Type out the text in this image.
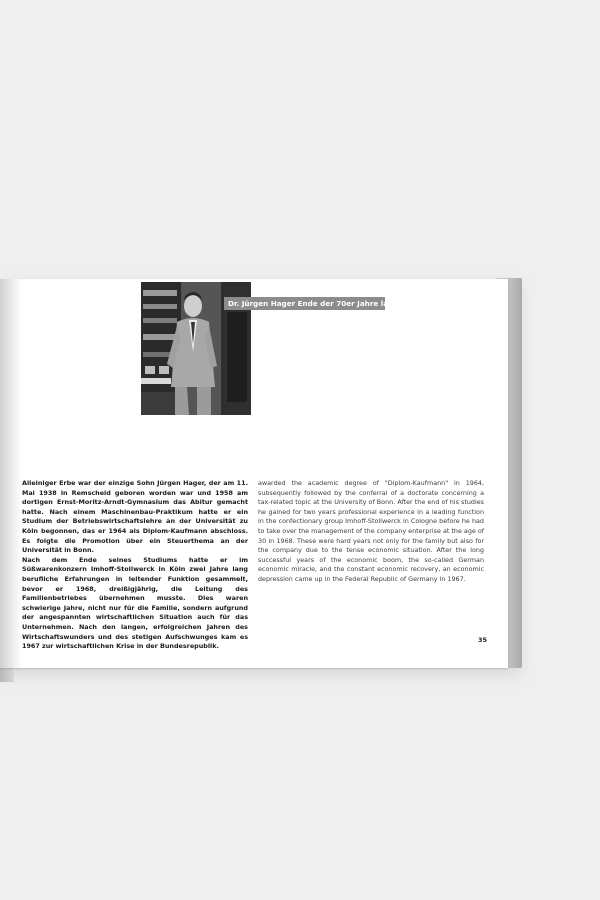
Dr. Jürgen Hager Ende der 70er Jahre late 70th

Alleiniger Erbe war der einzige Sohn Jürgen Hager, der am 11. Mai 1938 in Remscheid geboren worden war und 1958 am dortigen Ernst-Moritz-Arndt-Gymnasium das Abitur gemacht hatte. Nach einem Maschinenbau-Praktikum hatte er ein Studium der Betriebswirtschaftslehre an der Universität zu Köln begonnen, das er 1964 als Diplom-Kaufmann abschloss. Es folgte die Promotion über ein Steuerthema an der Universität in Bonn.

Nach dem Ende seines Studiums hatte er im Süßwarenkonzern Imhoff-Stollwerck in Köln zwei Jahre lang berufliche Erfahrungen in leitender Funktion gesammelt, bevor er 1968, dreißigjährig, die Leitung des Familienbetriebes übernehmen musste. Dies waren schwierige Jahre, nicht nur für die Familie, sondern aufgrund der angespannten wirtschaftlichen Situation auch für das Unternehmen. Nach den langen, erfolgreichen Jahren des Wirtschaftswunders und des stetigen Aufschwunges kam es 1967 zur wirtschaftlichen Krise in der Bundesrepublik.

awarded the academic degree of "Diplom-Kaufmann" in 1964, subsequently followed by the conferral of a doctorate concerning a tax-related topic at the University of Bonn. After the end of his studies he gained for two years professional experience in a leading function in the confectionary group Imhoff-Stollwerck in Cologne before he had to take over the management of the company enterprise at the age of 30 in 1968. These were hard years not only for the family but also for the company due to the tense economic situation. After the long successful years of the economic boom, the so-called German economic miracle, and the constant economic recovery, an economic depression came up in the Federal Republic of Germany in 1967.

35
